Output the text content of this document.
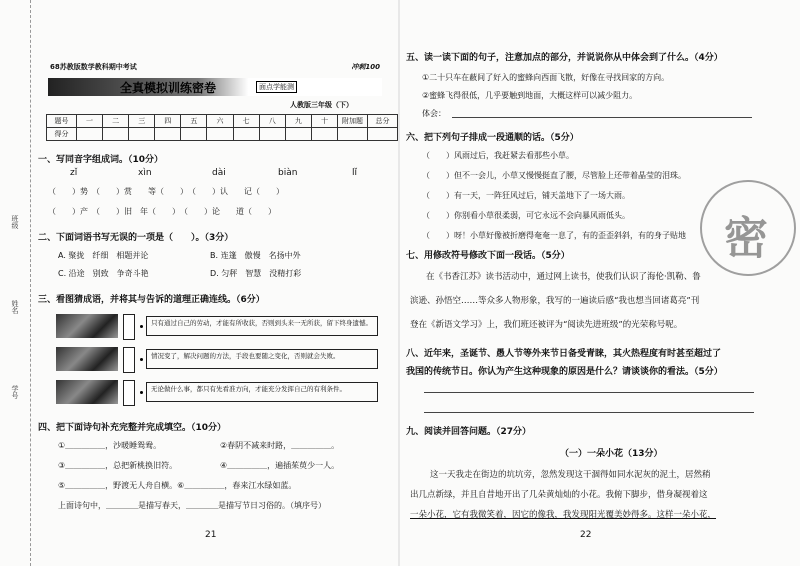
班级
姓名
学号
68苏教版数学教科期中考试	冲刺100
全真模拟训练密卷	面点学能测
人教版三年级（下）
题号	一	二	三	四	五	六	七	八	九	十	附加题	总分
得分												
一、写同音字组成词。（10分）
zǐ	xìn	dài	biàn	lǐ
（　　）势　（　　）赏　　等（　　）　（　　）认　　记（　　）
（　　）产　（　　）旧　年（　　）　（　　）论　　道（　　）
二、下面词语书写无误的一项是（　　）。（3分）
A. 聚拢　纤细　相题并论	B. 连篷　傲慢　名扬中外
C. 沿途　别致　争奇斗艳	D. 匀秤　智慧　没精打彩
三、看图猜成语，并将其与告诉的道理正确连线。（6分）
只有通过自己的劳动，才能有所收获，否则到头来一无所获，留下终身遗憾。
情况变了，解决问题的方法，手段也要随之变化，否则就会失败。
无论做什么事，都只有先看准方向，才能充分发挥自己的有利条件。
四、把下面诗句补充完整并完成填空。（10分）
①＿＿＿＿＿，沙暖睡鸳鸯。	②春阴不减来时路，＿＿＿＿＿。
③＿＿＿＿＿，总把新桃换旧符。	④＿＿＿＿＿，遍插茱萸少一人。
⑤＿＿＿＿＿，野渡无人舟自横。⑥＿＿＿＿＿，春来江水绿如蓝。
上面诗句中，＿＿＿＿是描写春天，＿＿＿＿是描写节日习俗的。（填序号）
21
五、读一读下面的句子，注意加点的部分，并说说你从中体会到了什么。（4分）
①二十只车在蔽间了好入的蜜蜂向西面飞散，好像在寻找回家的方向。
②蜜蜂飞得很低，几乎要触到地面，大概这样可以减少阻力。
体会：
六、把下列句子排成一段通顺的话。（5分）
（　　）风雨过后，我赶紧去看那些小草。
（　　）但不一会儿，小草又慢慢挺直了腰，尽管脸上还带着晶莹的泪珠。
（　　）有一天，一阵狂风过后，铺天盖地下了一场大雨。
（　　）你别看小草很柔弱，可它永远不会向暴风雨低头。
（　　）呀！小草好像被折磨得奄奄一息了，有的歪歪斜斜，有的身子贴地
七、用修改符号修改下面一段话。（5分）
在《书香江苏》读书活动中，通过网上读书，使我们认识了海伦·凯勒、鲁
滨逊、孙悟空……等众多人物形象，我写的一遍读后感“我也想当回诸葛亮”刊
登在《新语文学习》上，我们班还被评为“阅读先进班级”的光荣称号呢。
八、近年来，圣诞节、愚人节等外来节日备受青睐，其火热程度有时甚至超过了
我国的传统节日。你认为产生这种现象的原因是什么？请谈谈你的看法。（5分）
九、阅读并回答问题。（27分）
（一）一朵小花（13分）
这一天我走在街边的坑坑旁，忽然发现这干涸得如同水泥灰的泥土，居然稍
出几点新绿，并且自昔地开出了几朵黄灿灿的小花。我俯下脚步，借身凝视着这
一朵小花，它有我微笑着，因它的像我，我发现阳光覆美妙得多。这样一朵小花，
22
密
